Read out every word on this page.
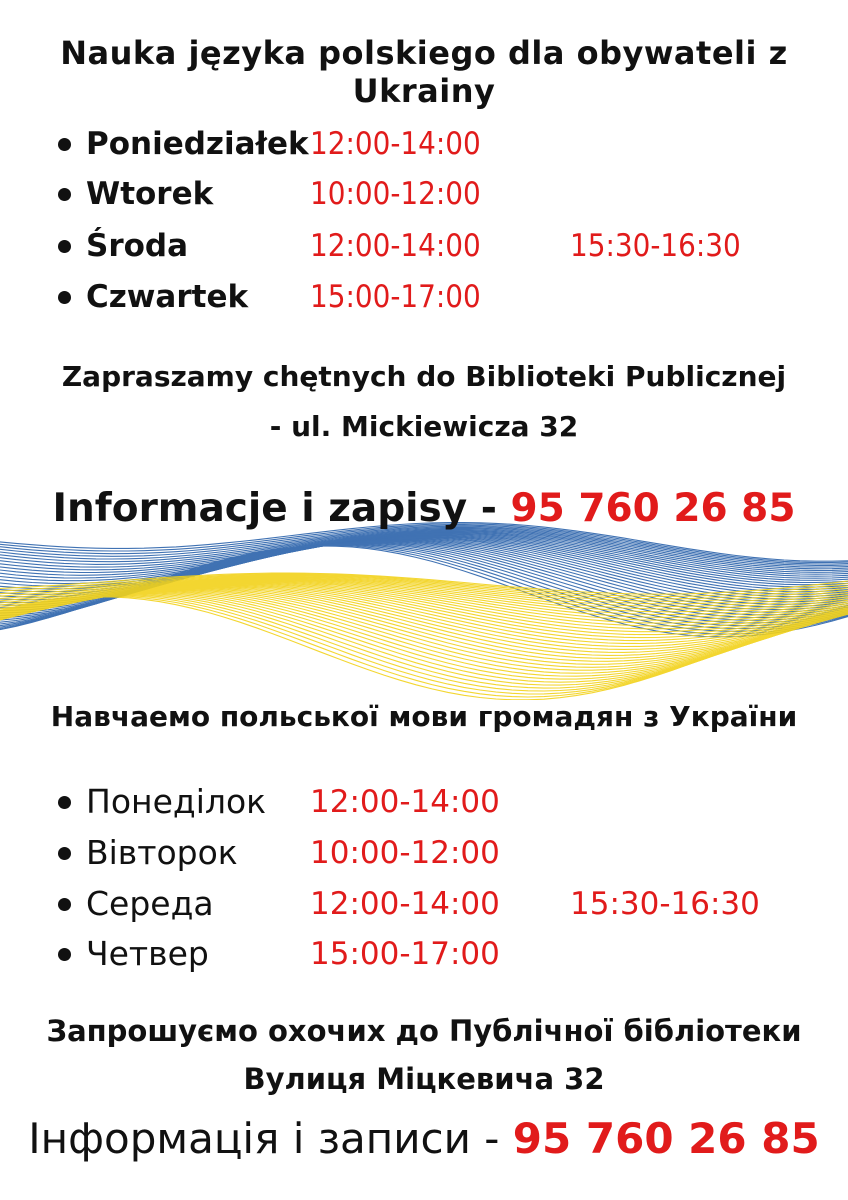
Nauka języka polskiego dla obywateli z Ukrainy
Poniedziałek 12:00-14:00
Wtorek	10:00-12:00
Środa	12:00-14:00	15:30-16:30
Czwartek 15:00-17:00
Zapraszamy chętnych do Biblioteki Publicznej
- ul. Mickiewicza 32
Informacje i zapisy - 95 760 26 85
Навчаемо польської мови громадян з України
Понеділок 12:00-14:00
Вівторок 10:00-12:00
Середа	12:00-14:00 15:30-16:30
Четвер	15:00-17:00
Запрошуємо охочих до Публічної бібліотеки
Вулиця Міцкевича 32
Інформація і записи - 95 760 26 85
